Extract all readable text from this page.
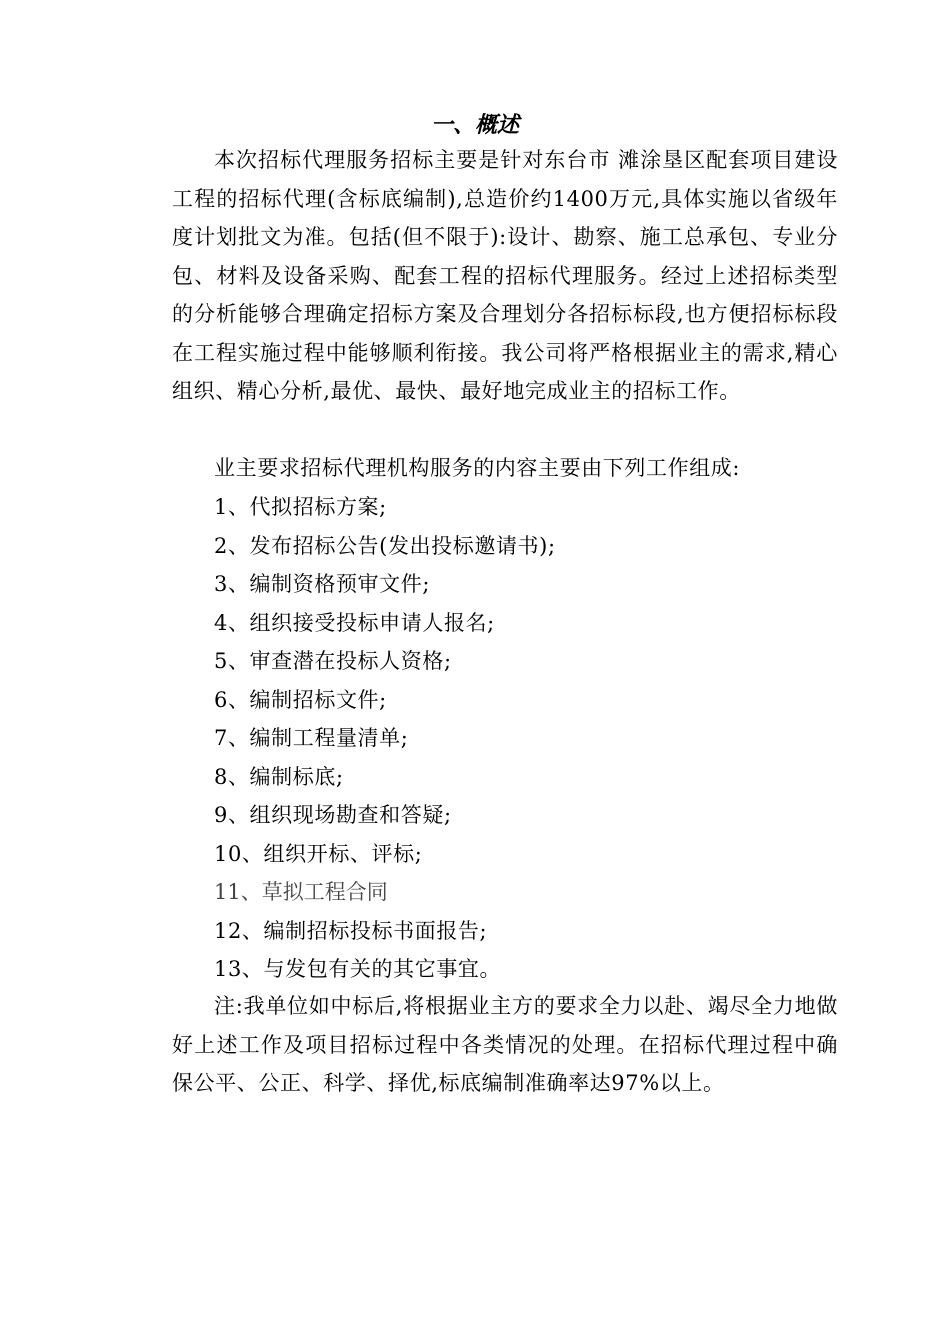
一、概述

本次招标代理服务招标主要是针对东台市 滩涂垦区配套项目建设工程的招标代理(含标底编制),总造价约1400万元,具体实施以省级年度计划批文为准。包括(但不限于):设计、勘察、施工总承包、专业分包、材料及设备采购、配套工程的招标代理服务。经过上述招标类型的分析能够合理确定招标方案及合理划分各招标标段,也方便招标标段在工程实施过程中能够顺利衔接。我公司将严格根据业主的需求,精心组织、精心分析,最优、最快、最好地完成业主的招标工作。

业主要求招标代理机构服务的内容主要由下列工作组成:

1、代拟招标方案;
2、发布招标公告(发出投标邀请书);
3、编制资格预审文件;
4、组织接受投标申请人报名;
5、审查潜在投标人资格;
6、编制招标文件;
7、编制工程量清单;
8、编制标底;
9、组织现场勘查和答疑;
10、组织开标、评标;
11、草拟工程合同
12、编制招标投标书面报告;
13、与发包有关的其它事宜。

注:我单位如中标后,将根据业主方的要求全力以赴、竭尽全力地做好上述工作及项目招标过程中各类情况的处理。在招标代理过程中确保公平、公正、科学、择优,标底编制准确率达97%以上。
